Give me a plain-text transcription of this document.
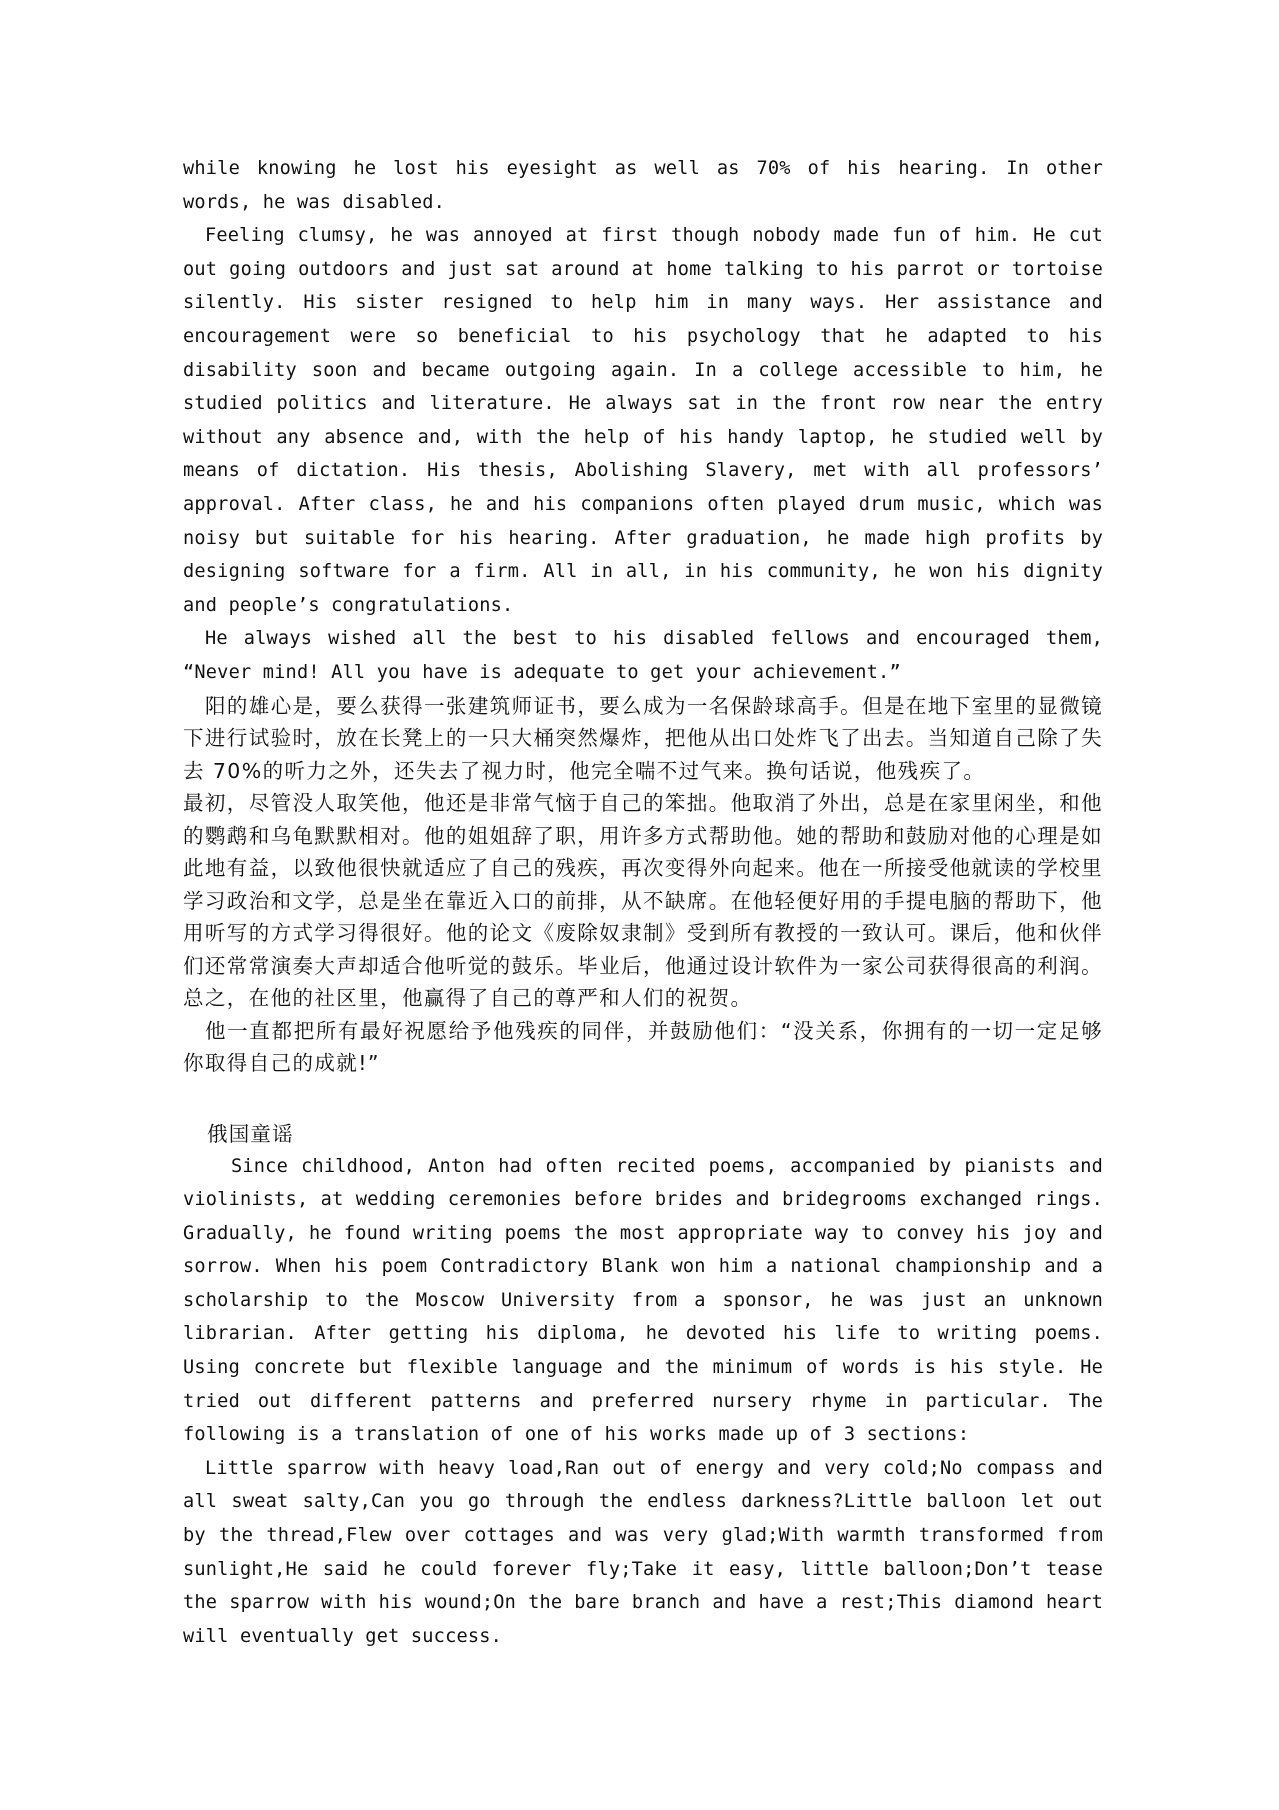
while knowing he lost his eyesight as well as 70% of his hearing. In other words, he was disabled.

Feeling clumsy, he was annoyed at first though nobody made fun of him. He cut out going outdoors and just sat around at home talking to his parrot or tortoise silently. His sister resigned to help him in many ways. Her assistance and encouragement were so beneficial to his psychology that he adapted to his disability soon and became outgoing again. In a college accessible to him, he studied politics and literature. He always sat in the front row near the entry without any absence and, with the help of his handy laptop, he studied well by means of dictation. His thesis, Abolishing Slavery, met with all professors’ approval. After class, he and his companions often played drum music, which was noisy but suitable for his hearing. After graduation, he made high profits by designing software for a firm. All in all, in his community, he won his dignity and people’s congratulations.

He always wished all the best to his disabled fellows and encouraged them, “Never mind! All you have is adequate to get your achievement.”

阳的雄心是，要么获得一张建筑师证书，要么成为一名保龄球高手。但是在地下室里的显微镜下进行试验时，放在长凳上的一只大桶突然爆炸，把他从出口处炸飞了出去。当知道自己除了失去 70%的听力之外，还失去了视力时，他完全喘不过气来。换句话说，他残疾了。

最初，尽管没人取笑他，他还是非常气恼于自己的笨拙。他取消了外出，总是在家里闲坐，和他的鹦鹉和乌龟默默相对。他的姐姐辞了职，用许多方式帮助他。她的帮助和鼓励对他的心理是如此地有益，以致他很快就适应了自己的残疾，再次变得外向起来。他在一所接受他就读的学校里学习政治和文学，总是坐在靠近入口的前排，从不缺席。在他轻便好用的手提电脑的帮助下，他用听写的方式学习得很好。他的论文《废除奴隶制》受到所有教授的一致认可。课后，他和伙伴们还常常演奏大声却适合他听觉的鼓乐。毕业后，他通过设计软件为一家公司获得很高的利润。总之，在他的社区里，他赢得了自己的尊严和人们的祝贺。

他一直都把所有最好祝愿给予他残疾的同伴，并鼓励他们：“没关系，你拥有的一切一定足够你取得自己的成就!”

俄国童谣

Since childhood, Anton had often recited poems, accompanied by pianists and violinists, at wedding ceremonies before brides and bridegrooms exchanged rings. Gradually, he found writing poems the most appropriate way to convey his joy and sorrow. When his poem Contradictory Blank won him a national championship and a scholarship to the Moscow University from a sponsor, he was just an unknown librarian. After getting his diploma, he devoted his life to writing poems. Using concrete but flexible language and the minimum of words is his style. He tried out different patterns and preferred nursery rhyme in particular. The following is a translation of one of his works made up of 3 sections:

Little sparrow with heavy load,Ran out of energy and very cold;No compass and all sweat salty,Can you go through the endless darkness?Little balloon let out by the thread,Flew over cottages and was very glad;With warmth transformed from sunlight,He said he could forever fly;Take it easy, little balloon;Don’t tease the sparrow with his wound;On the bare branch and have a rest;This diamond heart will eventually get success.
